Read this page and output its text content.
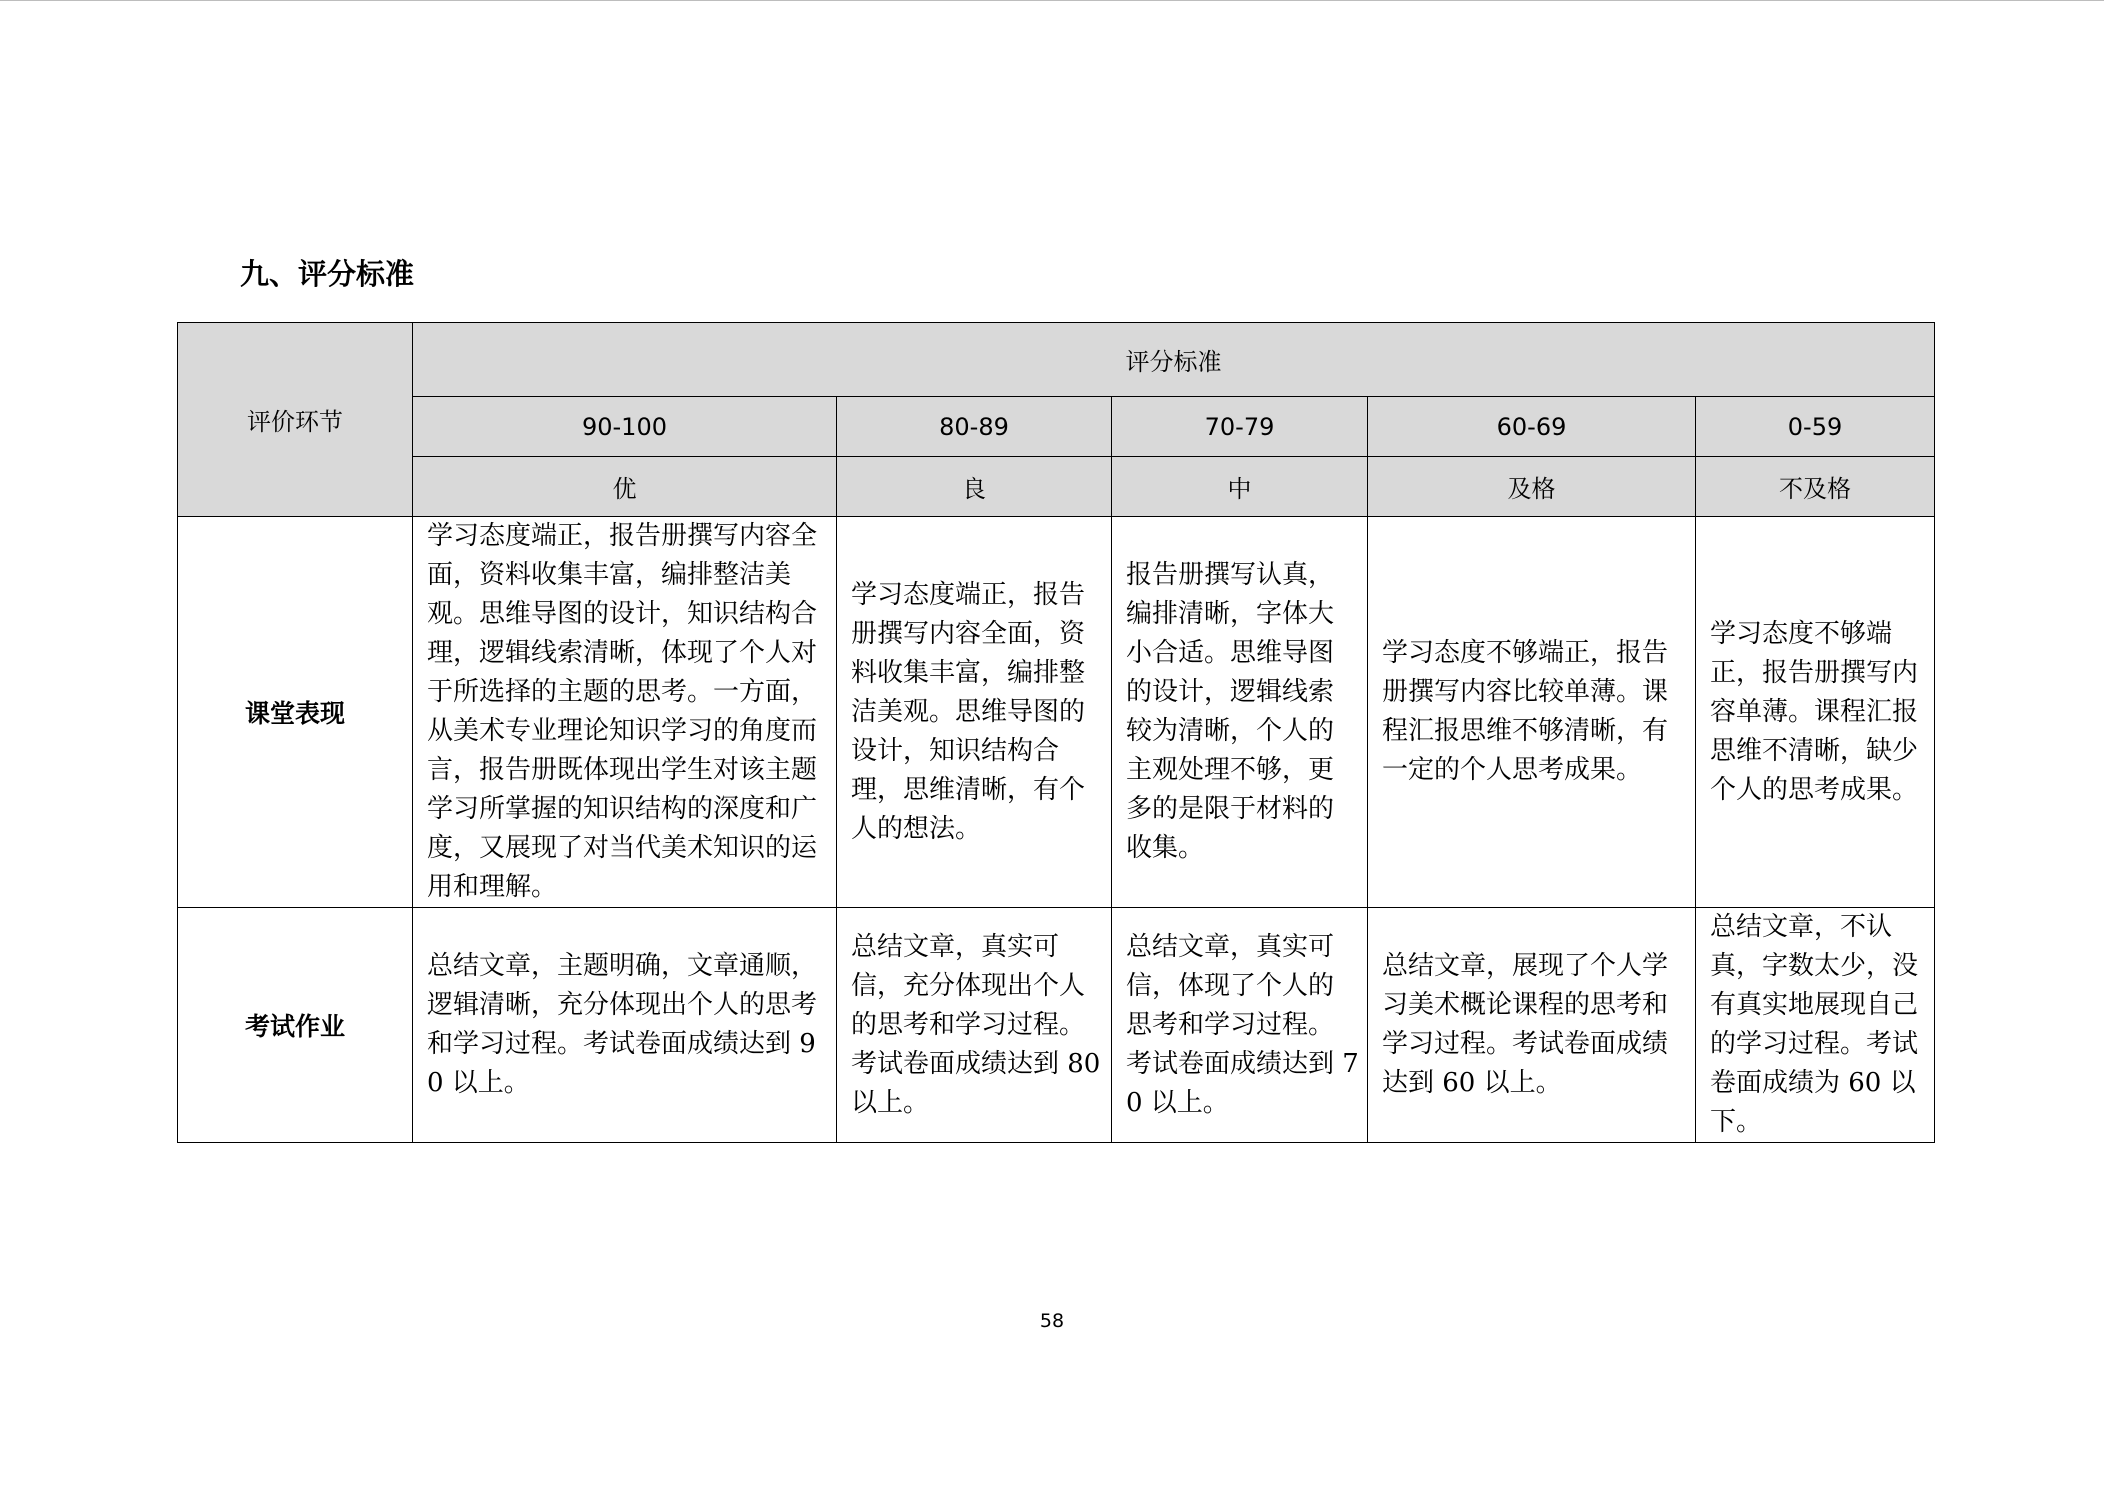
九、评分标准
评价环节	评分标准				
	90-100	80-89	70-79	60-69	0-59
	优	良	中	及格	不及格
课堂表现	学习态度端正，报告册撰写内容全面，资料收集丰富，编排整洁美观。思维导图的设计，知识结构合理，逻辑线索清晰，体现了个人对于所选择的主题的思考。一方面，从美术专业理论知识学习的角度而言，报告册既体现出学生对该主题学习所掌握的知识结构的深度和广度，又展现了对当代美术知识的运用和理解。	学习态度端正，报告册撰写内容全面，资料收集丰富，编排整洁美观。思维导图的设计，知识结构合理，思维清晰，有个人的想法。	报告册撰写认真，编排清晰，字体大小合适。思维导图的设计，逻辑线索较为清晰，个人的主观处理不够，更多的是限于材料的收集。	学习态度不够端正，报告册撰写内容比较单薄。课程汇报思维不够清晰，有一定的个人思考成果。	学习态度不够端正，报告册撰写内容单薄。课程汇报思维不清晰，缺少个人的思考成果。
考试作业	总结文章，主题明确，文章通顺，逻辑清晰，充分体现出个人的思考和学习过程。考试卷面成绩达到 90 以上。	总结文章，真实可信，充分体现出个人的思考和学习过程。考试卷面成绩达到 80 以上。	总结文章，真实可信，体现了个人的思考和学习过程。考试卷面成绩达到 70 以上。	总结文章，展现了个人学习美术概论课程的思考和学习过程。考试卷面成绩达到 60 以上。	总结文章，不认真，字数太少，没有真实地展现自己的学习过程。考试卷面成绩为 60 以下。
58
